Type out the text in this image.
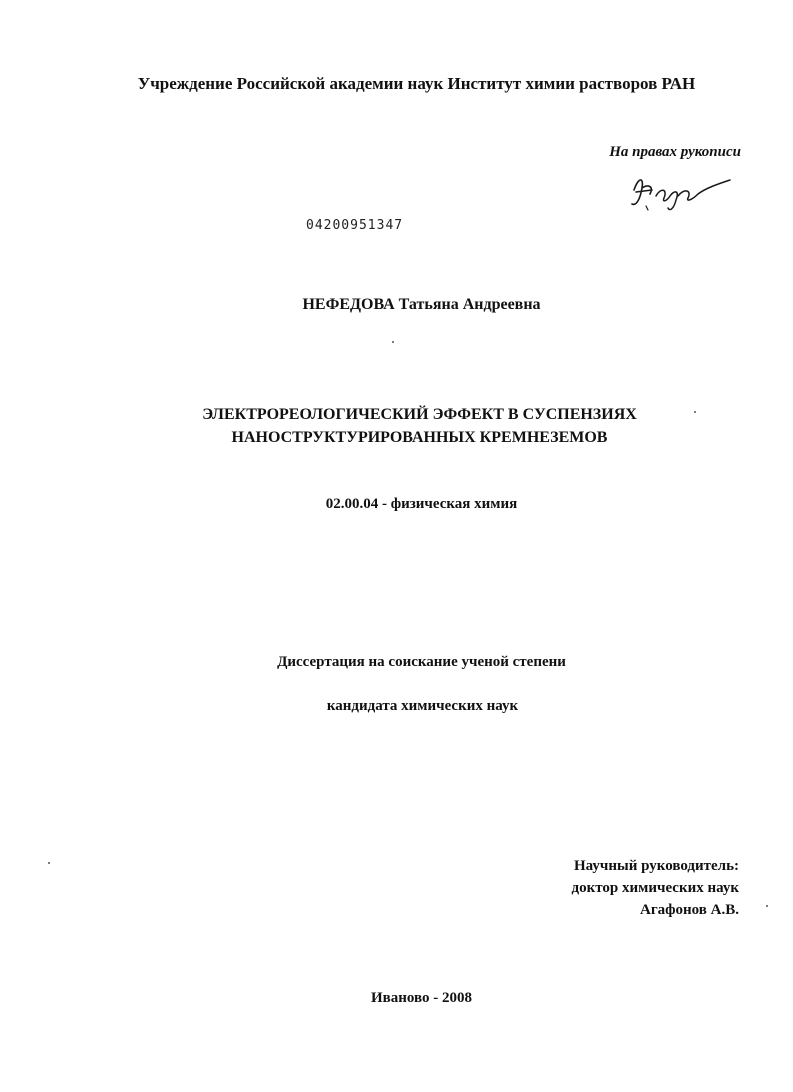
Учреждение Российской академии наук Институт химии растворов РАН
На правах рукописи
04200951347
НЕФЕДОВА Татьяна Андреевна
ЭЛЕКТРОРЕОЛОГИЧЕСКИЙ ЭФФЕКТ В СУСПЕНЗИЯХ
НАНОСТРУКТУРИРОВАННЫХ КРЕМНЕЗЕМОВ
02.00.04 - физическая химия
Диссертация на соискание ученой степени
кандидата химических наук
Научный руководитель:
доктор химических наук
Агафонов А.В.
Иваново - 2008
